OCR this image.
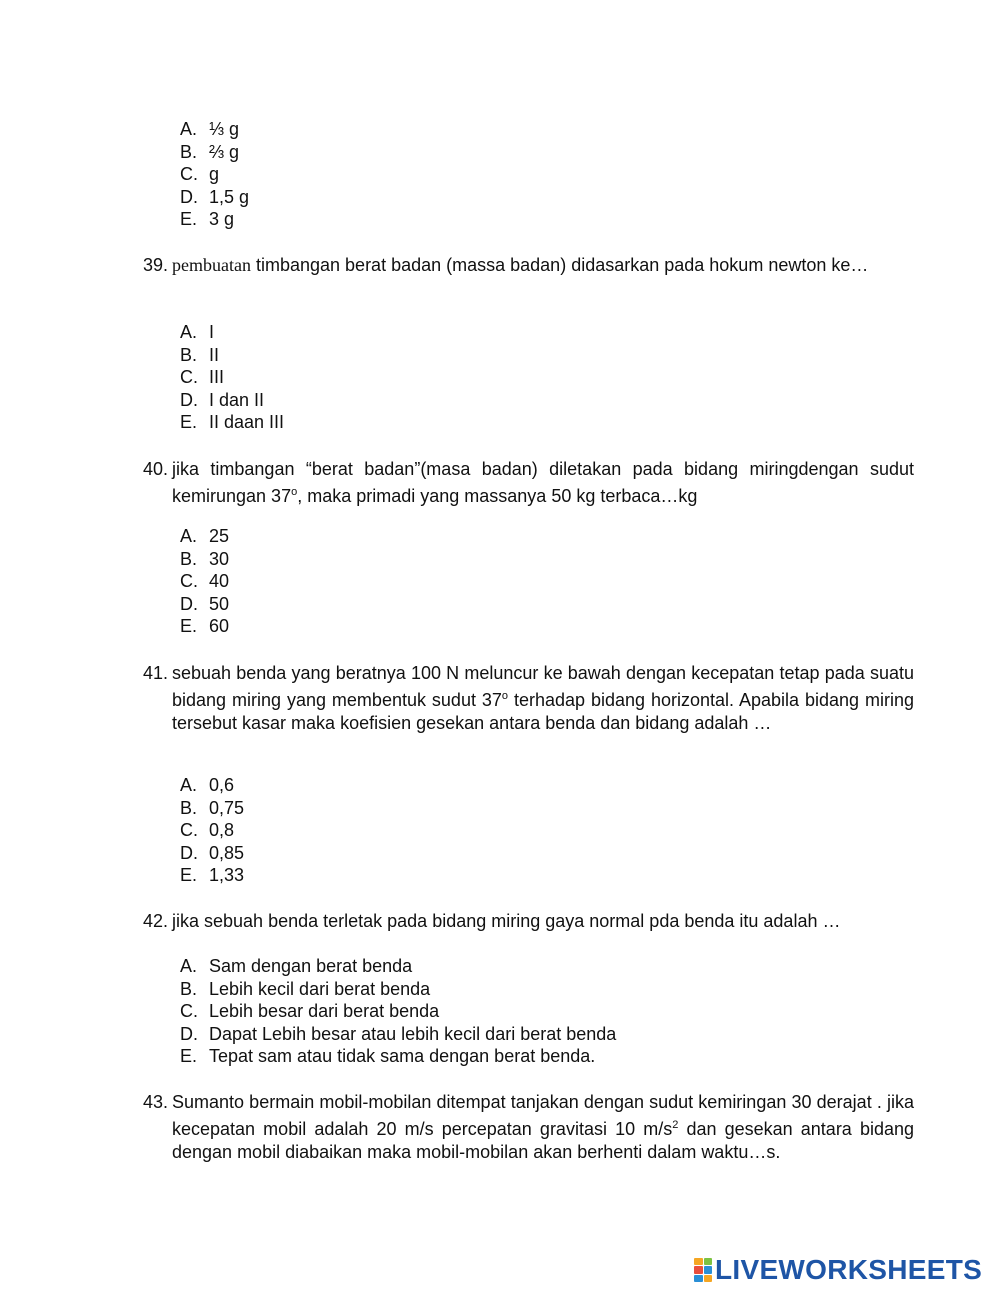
A. ⅓ g
B. ⅔ g
C. g
D. 1,5 g
E. 3 g
39. pembuatan timbangan berat badan (massa badan) didasarkan pada hokum newton ke…
A. I
B. II
C. III
D. I dan II
E. II daan III
40. jika timbangan “berat badan”(masa badan) diletakan pada bidang miringdengan sudut kemirungan 37$^o$, maka primadi yang massanya 50 kg terbaca…kg
A. 25
B. 30
C. 40
D. 50
E. 60
41. sebuah benda yang beratnya 100 N meluncur ke bawah dengan kecepatan tetap pada suatu bidang miring yang membentuk sudut 37$^o$ terhadap bidang horizontal. Apabila bidang miring tersebut kasar maka koefisien gesekan antara benda dan bidang adalah …
A. 0,6
B. 0,75
C. 0,8
D. 0,85
E. 1,33
42. jika sebuah benda terletak pada bidang miring gaya normal pda benda itu adalah …
A. Sam dengan berat benda
B. Lebih kecil dari berat benda
C. Lebih besar dari berat benda
D. Dapat Lebih besar atau lebih kecil dari berat benda
E. Tepat sam atau tidak sama dengan berat benda.
43. Sumanto bermain mobil-mobilan ditempat tanjakan dengan sudut kemiringan 30 derajat . jika kecepatan mobil adalah 20 m/s percepatan gravitasi 10 $m/s^2$ dan gesekan antara bidang dengan mobil diabaikan maka mobil-mobilan akan berhenti dalam waktu…s.
LIVEWORKSHEETS
